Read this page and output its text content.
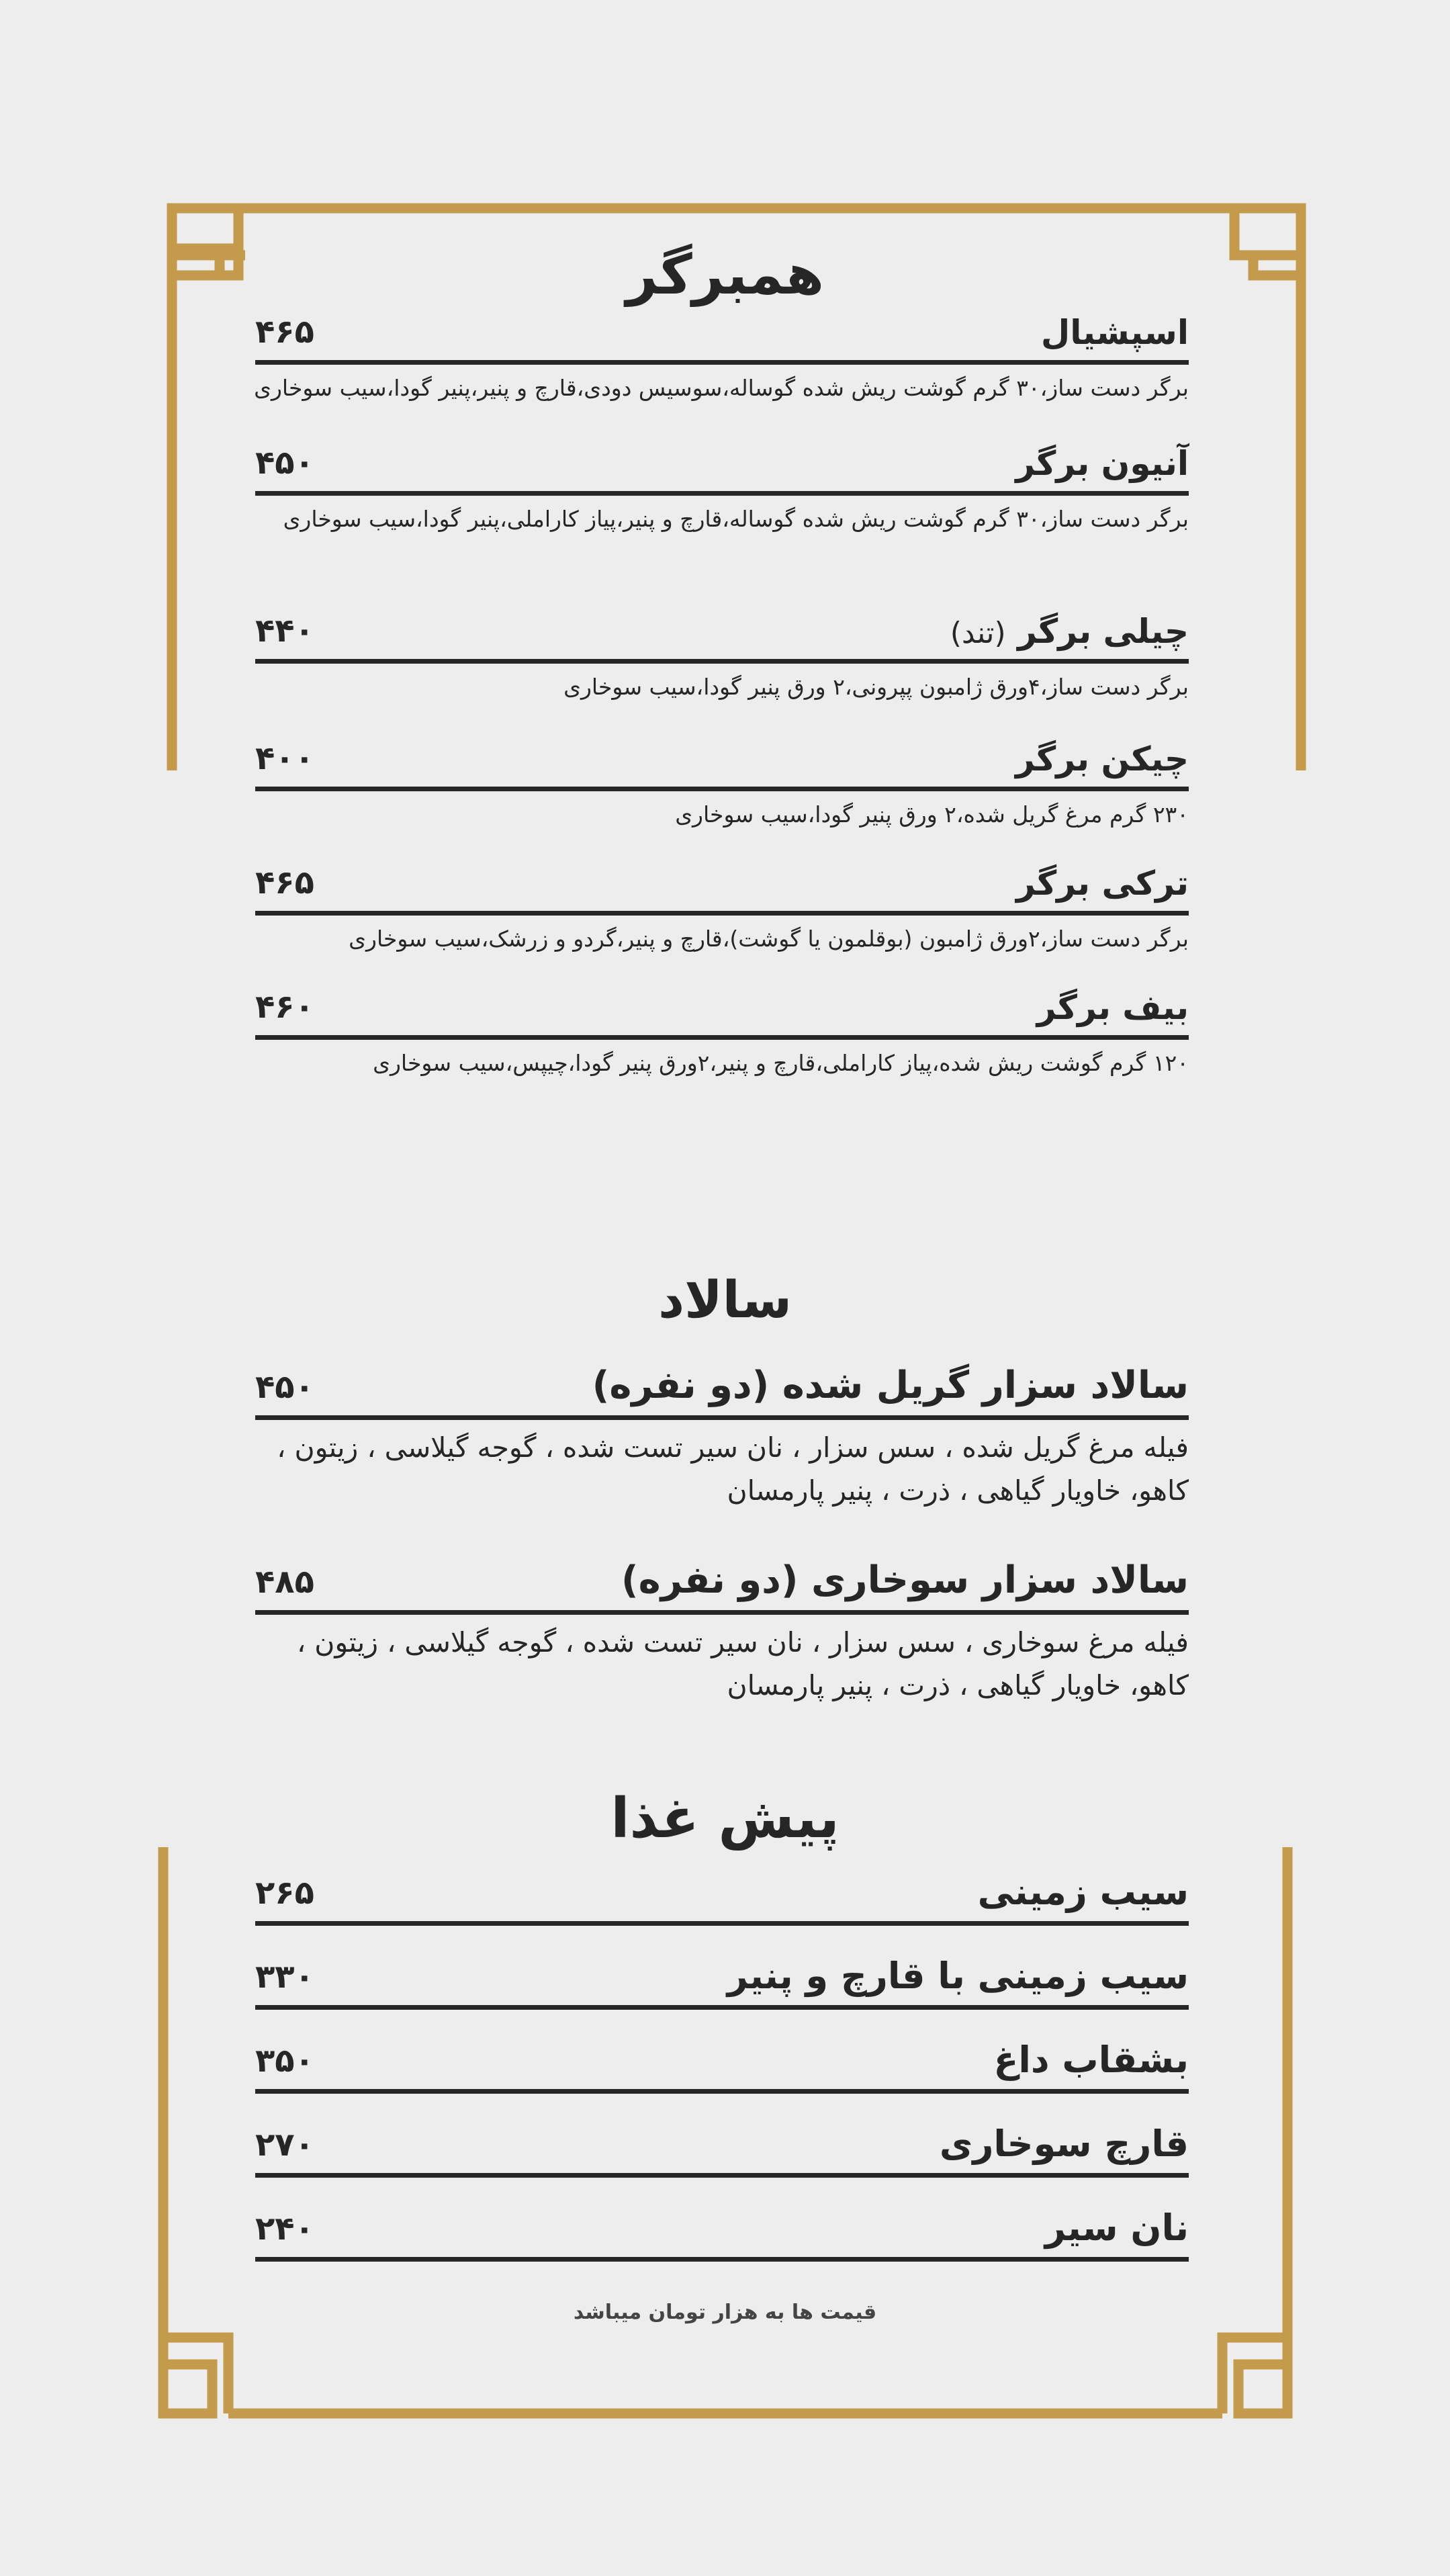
همبرگر
اسپشیال
۴۶۵
برگر دست ساز،۳۰ گرم گوشت ریش شده گوساله،سوسیس دودی،قارچ و پنیر،پنیر گودا،سیب سوخاری
آنیون برگر
۴۵۰
برگر دست ساز،۳۰ گرم گوشت ریش شده گوساله،قارچ و پنیر،پیاز کاراملی،پنیر گودا،سیب سوخاری
چیلی برگر (تند)
۴۴۰
برگر دست ساز،۴ورق ژامبون پپرونی،۲ ورق پنیر گودا،سیب سوخاری
چیکن برگر
۴۰۰
۲۳۰ گرم مرغ گریل شده،۲ ورق پنیر گودا،سیب سوخاری
ترکی برگر
۴۶۵
برگر دست ساز،۲ورق ژامبون (بوقلمون یا گوشت)،قارچ و پنیر،گردو و زرشک،سیب سوخاری
بیف برگر
۴۶۰
۱۲۰ گرم گوشت ریش شده،پیاز کاراملی،قارچ و پنیر،۲ورق پنیر گودا،چیپس،سیب سوخاری
سالاد
سالاد سزار گریل شده (دو نفره)
۴۵۰
فیله مرغ گریل شده ، سس سزار ، نان سیر تست شده ، گوجه گیلاسی ، زیتون ، کاهو، خاویار گیاهی ، ذرت ، پنیر پارمسان
سالاد سزار سوخاری (دو نفره)
۴۸۵
فیله مرغ سوخاری ، سس سزار ، نان سیر تست شده ، گوجه گیلاسی ، زیتون ، کاهو، خاویار گیاهی ، ذرت ، پنیر پارمسان
پیش غذا
سیب زمینی
۲۶۵
سیب زمینی با قارچ و پنیر
۳۳۰
بشقاب داغ
۳۵۰
قارچ سوخاری
۲۷۰
نان سیر
۲۴۰

قیمت ها به هزار تومان میباشد
